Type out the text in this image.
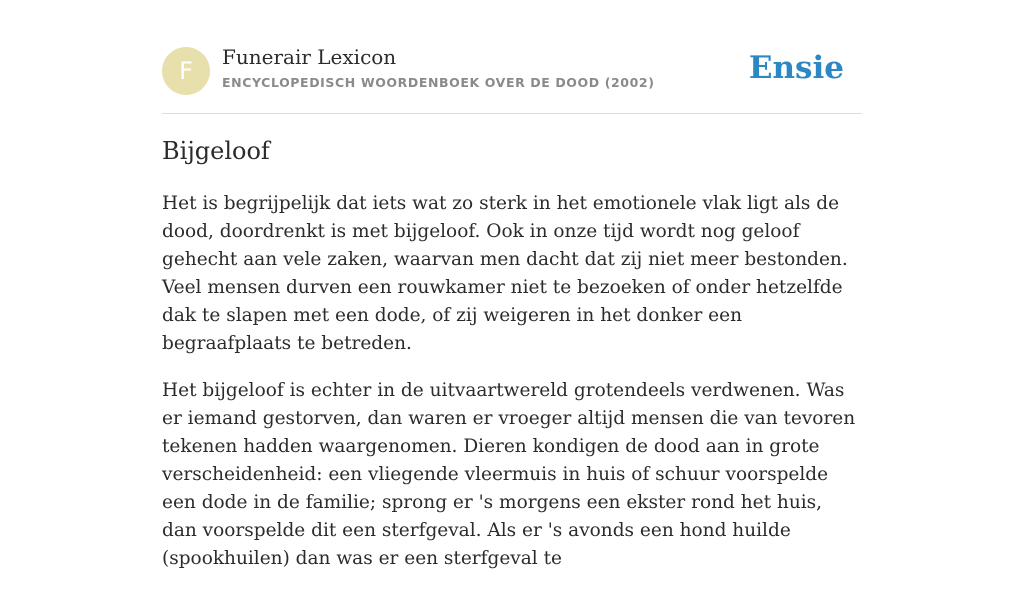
F	Funerair Lexicon
ENCYCLOPEDISCH WOORDENBOEK OVER DE DOOD (2002)	Ensie
Bijgeloof

Het is begrijpelijk dat iets wat zo sterk in het emotionele vlak ligt als de dood, doordrenkt is met bijgeloof. Ook in onze tijd wordt nog geloof gehecht aan vele zaken, waarvan men dacht dat zij niet meer bestonden. Veel mensen durven een rouwkamer niet te bezoeken of onder hetzelfde dak te slapen met een dode, of zij weigeren in het donker een begraafplaats te betreden.

Het bijgeloof is echter in de uitvaartwereld grotendeels verdwenen. Was er iemand gestorven, dan waren er vroeger altijd mensen die van tevoren tekenen hadden waargenomen. Dieren kondigen de dood aan in grote verscheidenheid: een vliegende vleermuis in huis of schuur voorspelde een dode in de familie; sprong er 's morgens een ekster rond het huis, dan voorspelde dit een sterfgeval. Als er 's avonds een hond huilde (spookhuilen) dan was er een sterfgeval te
